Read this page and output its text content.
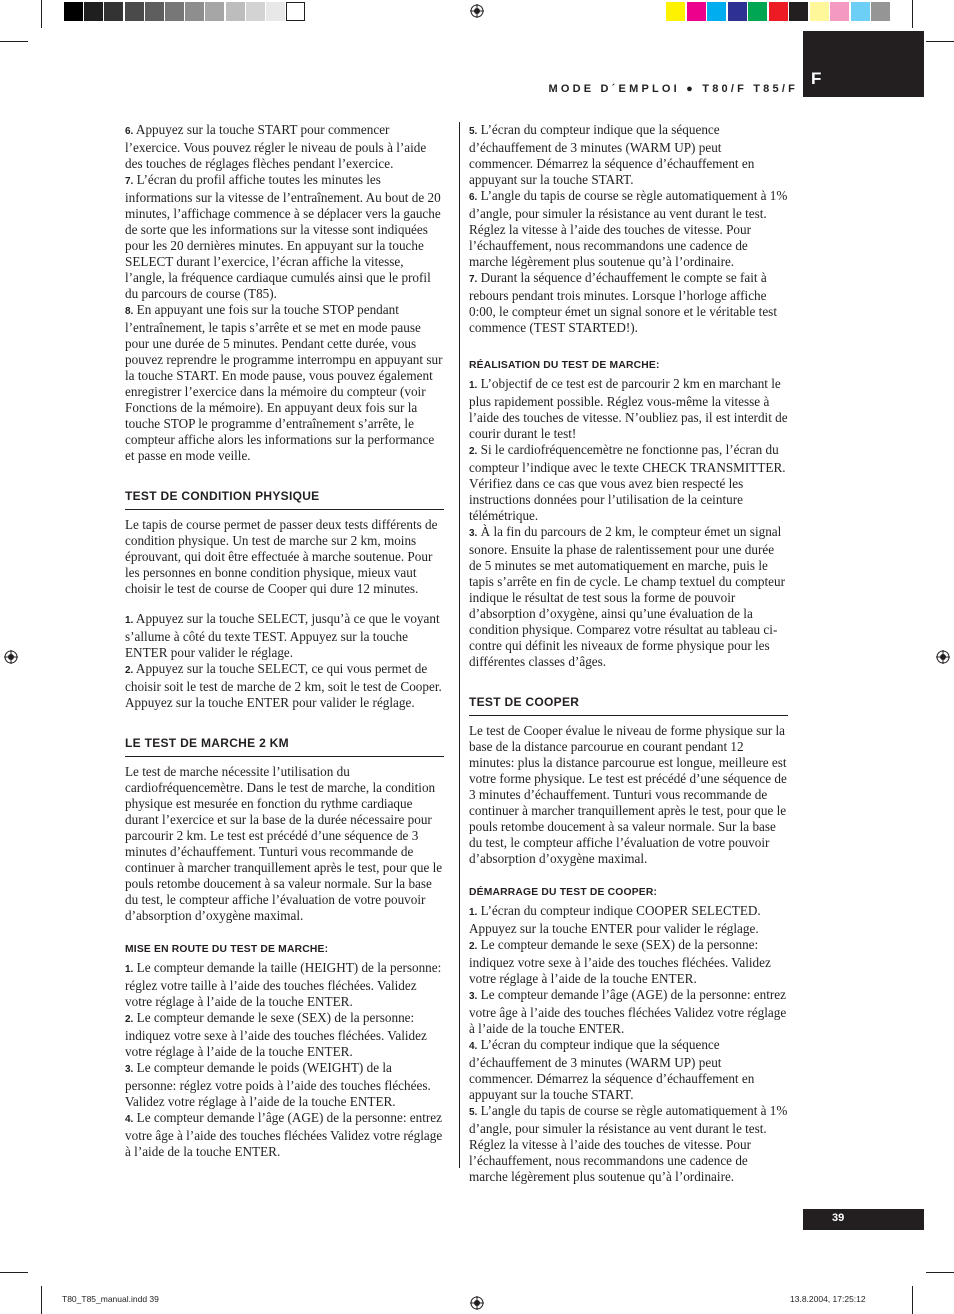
F
MODE D´EMPLOI ● T80/F T85/F

6. Appuyez sur la touche START pour commencer l’exercice. Vous pouvez régler le niveau de pouls à l’aide des touches de réglages flèches pendant l’exercice.

7. L’écran du profil affiche toutes les minutes les informations sur la vitesse de l’entraînement. Au bout de 20 minutes, l’affichage commence à se déplacer vers la gauche de sorte que les informations sur la vitesse sont indiquées pour les 20 dernières minutes. En appuyant sur la touche SELECT durant l’exercice, l’écran affiche la vitesse, l’angle, la fréquence cardiaque cumulés ainsi que le profil du parcours de course (T85).

8. En appuyant une fois sur la touche STOP pendant l’entraînement, le tapis s’arrête et se met en mode pause pour une durée de 5 minutes. Pendant cette durée, vous pouvez reprendre le programme interrompu en appuyant sur la touche START. En mode pause, vous pouvez également enregistrer l’exercice dans la mémoire du compteur (voir Fonctions de la mémoire). En appuyant deux fois sur la touche STOP le programme d’entraînement s’arrête, le compteur affiche alors les informations sur la performance et passe en mode veille.

TEST DE CONDITION PHYSIQUE

Le tapis de course permet de passer deux tests différents de condition physique. Un test de marche sur 2 km, moins éprouvant, qui doit être effectuée à marche soutenue. Pour les personnes en bonne condition physique, mieux vaut choisir le test de course de Cooper qui dure 12 minutes.

1. Appuyez sur la touche SELECT, jusqu’à ce que le voyant s’allume à côté du texte TEST. Appuyez sur la touche ENTER pour valider le réglage.

2. Appuyez sur la touche SELECT, ce qui vous permet de choisir soit le test de marche de 2 km, soit le test de Cooper. Appuyez sur la touche ENTER pour valider le réglage.

LE TEST DE MARCHE 2 KM

Le test de marche nécessite l’utilisation du cardiofréquencemètre. Dans le test de marche, la condition physique est mesurée en fonction du rythme cardiaque durant l’exercice et sur la base de la durée nécessaire pour parcourir 2 km. Le test est précédé d’une séquence de 3 minutes d’échauffement. Tunturi vous recommande de continuer à marcher tranquillement après le test, pour que le pouls retombe doucement à sa valeur normale. Sur la base du test, le compteur affiche l’évaluation de votre pouvoir d’absorption d’oxygène maximal.

MISE EN ROUTE DU TEST DE MARCHE:

1. Le compteur demande la taille (HEIGHT) de la personne: réglez votre taille à l’aide des touches fléchées. Validez votre réglage à l’aide de la touche ENTER.

2. Le compteur demande le sexe (SEX) de la personne: indiquez votre sexe à l’aide des touches fléchées. Validez votre réglage à l’aide de la touche ENTER.

3. Le compteur demande le poids (WEIGHT) de la personne: réglez votre poids à l’aide des touches fléchées. Validez votre réglage à l’aide de la touche ENTER.

4. Le compteur demande l’âge (AGE) de la personne: entrez votre âge à l’aide des touches fléchées Validez votre réglage à l’aide de la touche ENTER.

5. L’écran du compteur indique que la séquence d’échauffement de 3 minutes (WARM UP) peut commencer. Démarrez la séquence d’échauffement en appuyant sur la touche START.

6. L’angle du tapis de course se règle automatiquement à 1% d’angle, pour simuler la résistance au vent durant le test. Réglez la vitesse à l’aide des touches de vitesse. Pour l’échauffement, nous recommandons une cadence de marche légèrement plus soutenue qu’à l’ordinaire.

7. Durant la séquence d’échauffement le compte se fait à rebours pendant trois minutes. Lorsque l’horloge affiche 0:00, le compteur émet un signal sonore et le véritable test commence (TEST STARTED!).

RÉALISATION DU TEST DE MARCHE:

1. L’objectif de ce test est de parcourir 2 km en marchant le plus rapidement possible. Réglez vous-même la vitesse à l’aide des touches de vitesse. N’oubliez pas, il est interdit de courir durant le test!

2. Si le cardiofréquencemètre ne fonctionne pas, l’écran du compteur l’indique avec le texte CHECK TRANSMITTER. Vérifiez dans ce cas que vous avez bien respecté les instructions données pour l’utilisation de la ceinture télémétrique.

3. À la fin du parcours de 2 km, le compteur émet un signal sonore. Ensuite la phase de ralentissement pour une durée de 5 minutes se met automatiquement en marche, puis le tapis s’arrête en fin de cycle. Le champ textuel du compteur indique le résultat de test sous la forme de pouvoir d’absorption d’oxygène, ainsi qu’une évaluation de la condition physique. Comparez votre résultat au tableau ci-contre qui définit les niveaux de forme physique pour les différentes classes d’âges.

TEST DE COOPER

Le test de Cooper évalue le niveau de forme physique sur la base de la distance parcourue en courant pendant 12 minutes: plus la distance parcourue est longue, meilleure est votre forme physique. Le test est précédé d’une séquence de 3 minutes d’échauffement. Tunturi vous recommande de continuer à marcher tranquillement après le test, pour que le pouls retombe doucement à sa valeur normale. Sur la base du test, le compteur affiche l’évaluation de votre pouvoir d’absorption d’oxygène maximal.

DÉMARRAGE DU TEST DE COOPER:

1. L’écran du compteur indique COOPER SELECTED. Appuyez sur la touche ENTER pour valider le réglage.

2. Le compteur demande le sexe (SEX) de la personne: indiquez votre sexe à l’aide des touches fléchées. Validez votre réglage à l’aide de la touche ENTER.

3. Le compteur demande l’âge (AGE) de la personne: entrez votre âge à l’aide des touches fléchées Validez votre réglage à l’aide de la touche ENTER.

4. L’écran du compteur indique que la séquence d’échauffement de 3 minutes (WARM UP) peut commencer. Démarrez la séquence d’échauffement en appuyant sur la touche START.

5. L’angle du tapis de course se règle automatiquement à 1% d’angle, pour simuler la résistance au vent durant le test. Réglez la vitesse à l’aide des touches de vitesse. Pour l’échauffement, nous recommandons une cadence de marche légèrement plus soutenue qu’à l’ordinaire.

39
T80_T85_manual.indd 39	13.8.2004, 17:25:12
